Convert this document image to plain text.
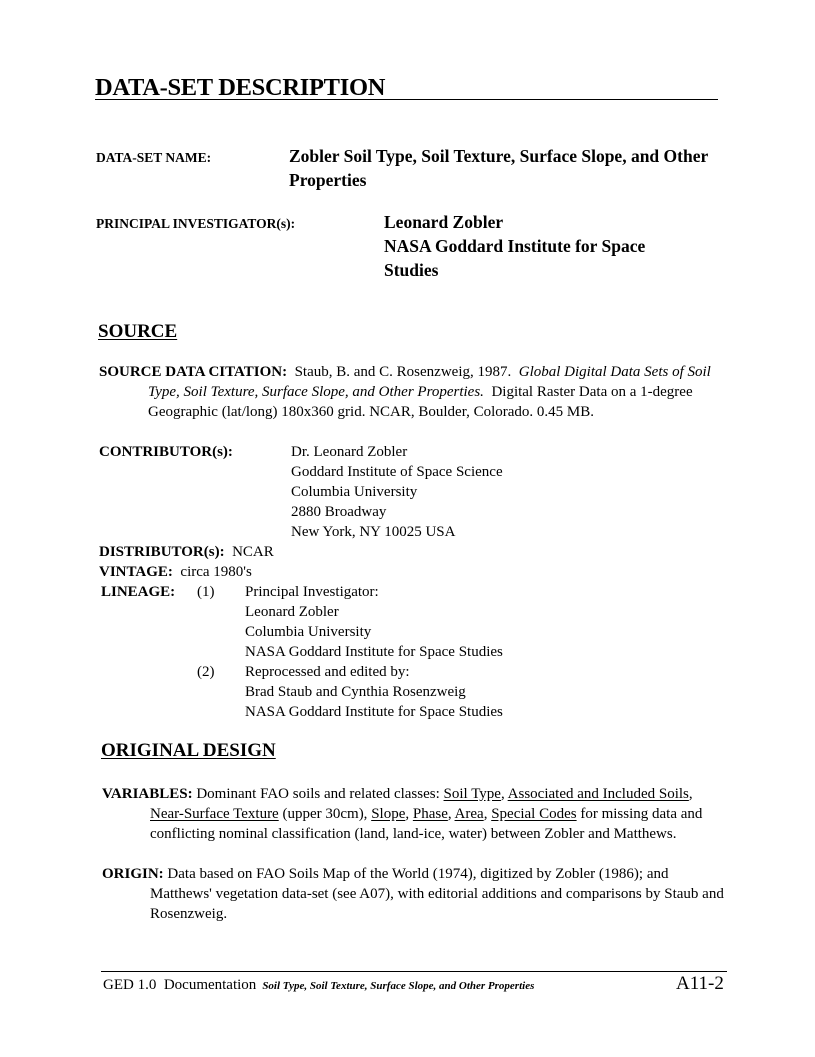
DATA-SET DESCRIPTION
DATA-SET NAME:	Zobler Soil Type, Soil Texture, Surface Slope, and Other Properties
PRINCIPAL INVESTIGATOR(s):	Leonard Zobler
NASA Goddard Institute for Space
Studies
SOURCE
SOURCE DATA CITATION: Staub, B. and C. Rosenzweig, 1987. Global Digital Data Sets of Soil Type, Soil Texture, Surface Slope, and Other Properties. Digital Raster Data on a 1-degree Geographic (lat/long) 180x360 grid. NCAR, Boulder, Colorado. 0.45 MB.
CONTRIBUTOR(s):	Dr. Leonard Zobler
Goddard Institute of Space Science
Columbia University
2880 Broadway
New York, NY 10025 USA
DISTRIBUTOR(s): NCAR
VINTAGE: circa 1980's
LINEAGE: (1) Principal Investigator:
Leonard Zobler
Columbia University
NASA Goddard Institute for Space Studies
(2) Reprocessed and edited by:
Brad Staub and Cynthia Rosenzweig
NASA Goddard Institute for Space Studies
ORIGINAL DESIGN
VARIABLES: Dominant FAO soils and related classes: Soil Type, Associated and Included Soils, Near-Surface Texture (upper 30cm), Slope, Phase, Area, Special Codes for missing data and conflicting nominal classification (land, land-ice, water) between Zobler and Matthews.
ORIGIN: Data based on FAO Soils Map of the World (1974), digitized by Zobler (1986); and Matthews' vegetation data-set (see A07), with editorial additions and comparisons by Staub and Rosenzweig.
GED 1.0  Documentation Soil Type, Soil Texture, Surface Slope, and Other Properties	A11-2
